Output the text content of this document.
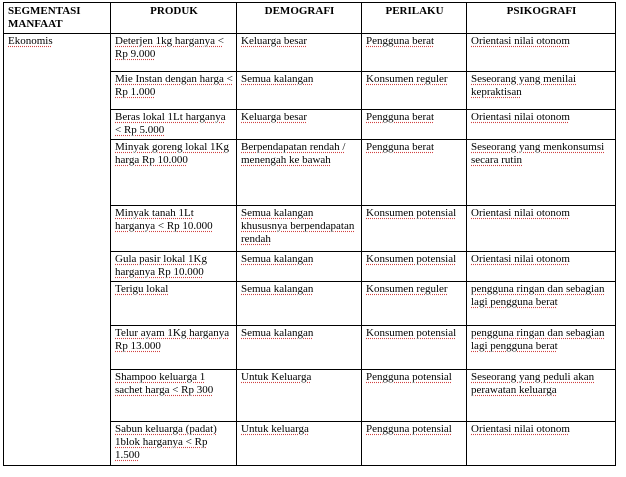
SEGMENTASI MANFAAT	PRODUK	DEMOGRAFI	PERILAKU	PSIKOGRAFI
Ekonomis	Deterjen 1kg harganya < Rp 9.000	Keluarga besar	Pengguna berat	Orientasi nilai otonom
	Mie Instan dengan harga < Rp 1.000	Semua kalangan	Konsumen reguler	Seseorang yang menilai kepraktisan
	Beras lokal 1Lt harganya < Rp 5.000	Keluarga besar	Pengguna berat	Orientasi nilai otonom
	Minyak goreng lokal 1Kg harga Rp 10.000	Berpendapatan rendah / menengah ke bawah	Pengguna berat	Seseorang yang menkonsumsi secara rutin
	Minyak tanah 1Lt harganya < Rp 10.000	Semua kalangan khususnya berpendapatan rendah	Konsumen potensial	Orientasi nilai otonom
	Gula pasir lokal 1Kg harganya Rp 10.000	Semua kalangan	Konsumen potensial	Orientasi nilai otonom
	Terigu lokal	Semua kalangan	Konsumen reguler	pengguna ringan dan sebagian lagi pengguna berat
	Telur ayam 1Kg harganya Rp 13.000	Semua kalangan	Konsumen potensial	pengguna ringan dan sebagian lagi pengguna berat
	Shampoo keluarga 1 sachet harga < Rp 300	Untuk Keluarga	Pengguna potensial	Seseorang yang peduli akan perawatan keluarga
	Sabun keluarga (padat) 1blok harganya < Rp 1.500	Untuk keluarga	Pengguna potensial	Orientasi nilai otonom
